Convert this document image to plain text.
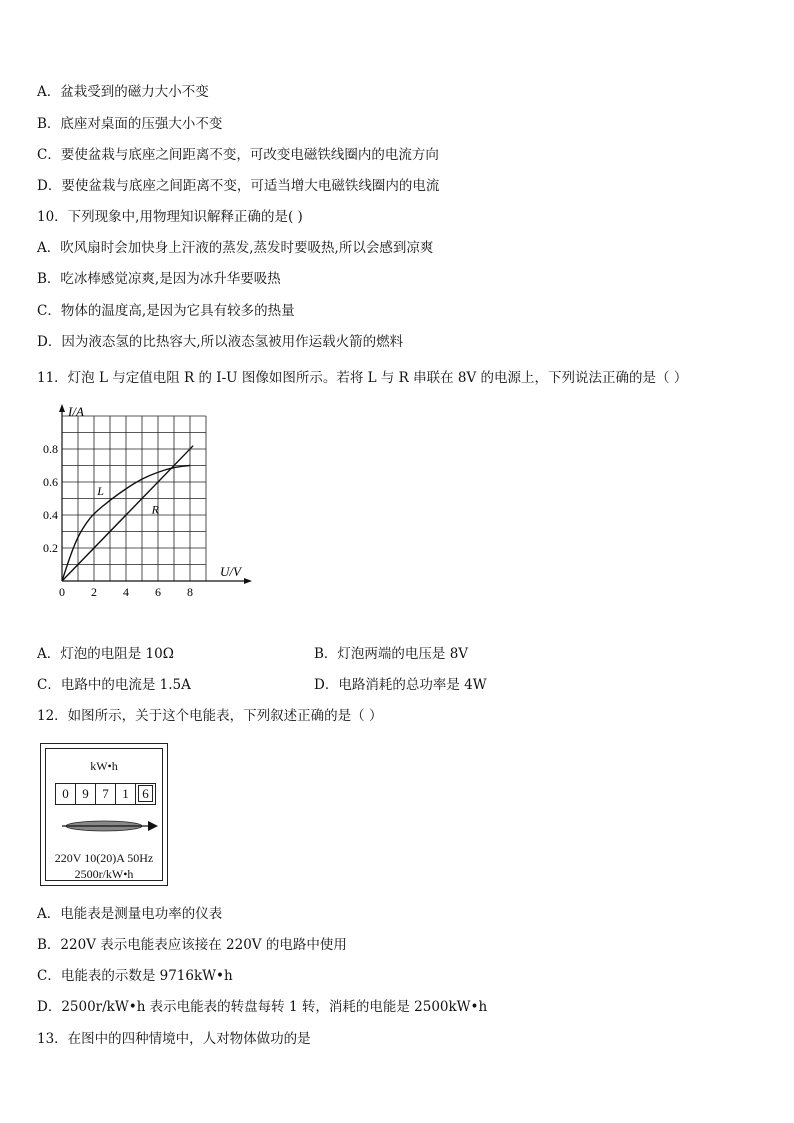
A．盆栽受到的磁力大小不变
B．底座对桌面的压强大小不变
C．要使盆栽与底座之间距离不变，可改变电磁铁线圈内的电流方向
D．要使盆栽与底座之间距离不变，可适当增大电磁铁线圈内的电流
10．下列现象中,用物理知识解释正确的是( )
A．吹风扇时会加快身上汗液的蒸发,蒸发时要吸热,所以会感到凉爽
B．吃冰棒感觉凉爽,是因为冰升华要吸热
C．物体的温度高,是因为它具有较多的热量
D．因为液态氢的比热容大,所以液态氢被用作运载火箭的燃料
11．灯泡 L 与定值电阻 R 的 I-U 图像如图所示。若将 L 与 R 串联在 8V 的电源上，下列说法正确的是（ ）
0 2 4 6 8
0.2
0.4
0.6
0.8
L
R
I/A
U/V
A．灯泡的电阻是 10Ω	B．灯泡两端的电压是 8V
C．电路中的电流是 1.5A	D．电路消耗的总功率是 4W
12．如图所示，关于这个电能表，下列叙述正确的是（ ）
kW•h
0	9	7	1	6
220V 10(20)A 50Hz
2500r/kW•h
A．电能表是测量电功率的仪表
B．220V 表示电能表应该接在 220V 的电路中使用
C．电能表的示数是 9716kW•h
D．2500r/kW•h 表示电能表的转盘每转 1 转，消耗的电能是 2500kW•h
13．在图中的四种情境中，人对物体做功的是
